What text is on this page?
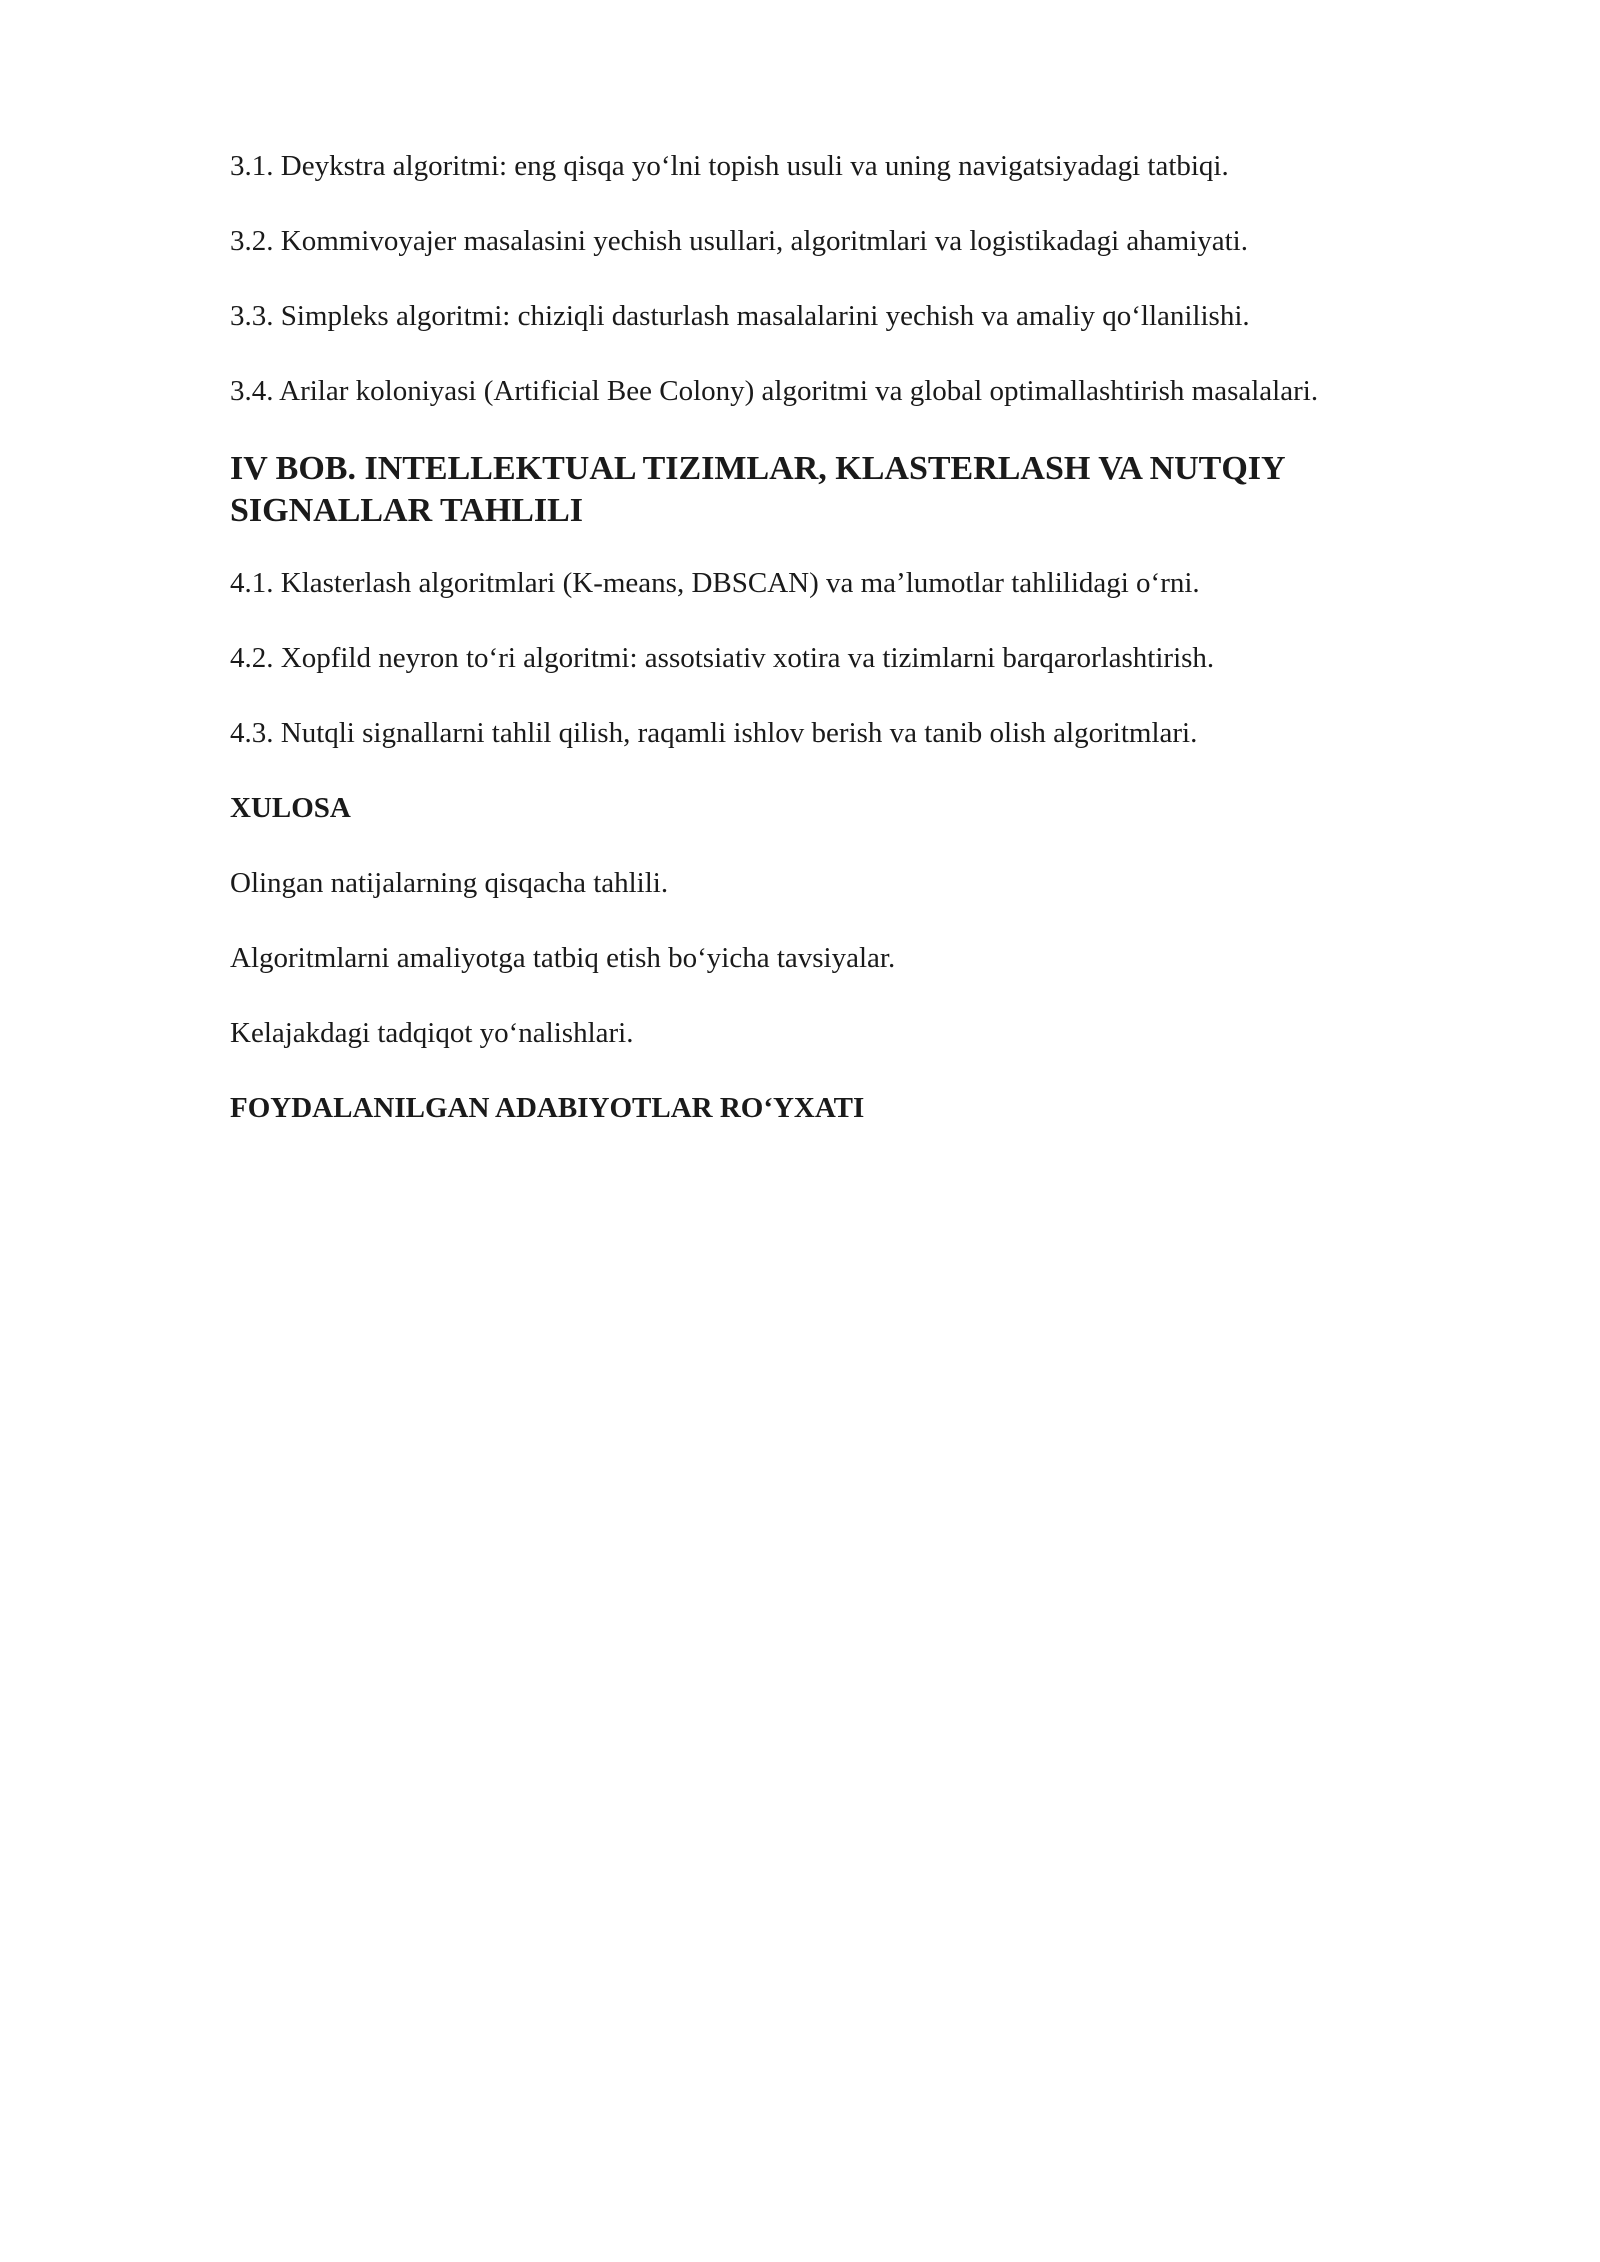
3.1. Deykstra algoritmi: eng qisqa yo‘lni topish usuli va uning navigatsiyadagi tatbiqi.

3.2. Kommivoyajer masalasini yechish usullari, algoritmlari va logistikadagi ahamiyati.

3.3. Simpleks algoritmi: chiziqli dasturlash masalalarini yechish va amaliy qo‘llanilishi.

3.4. Arilar koloniyasi (Artificial Bee Colony) algoritmi va global optimallashtirish masalalari.

IV BOB. INTELLEKTUAL TIZIMLAR, KLASTERLASH VA NUTQIY
SIGNALLAR TAHLILI

4.1. Klasterlash algoritmlari (K-means, DBSCAN) va ma’lumotlar tahlilidagi o‘rni.

4.2. Xopfild neyron to‘ri algoritmi: assotsiativ xotira va tizimlarni barqarorlashtirish.

4.3. Nutqli signallarni tahlil qilish, raqamli ishlov berish va tanib olish algoritmlari.

XULOSA

Olingan natijalarning qisqacha tahlili.

Algoritmlarni amaliyotga tatbiq etish bo‘yicha tavsiyalar.

Kelajakdagi tadqiqot yo‘nalishlari.

FOYDALANILGAN ADABIYOTLAR RO‘YXATI
